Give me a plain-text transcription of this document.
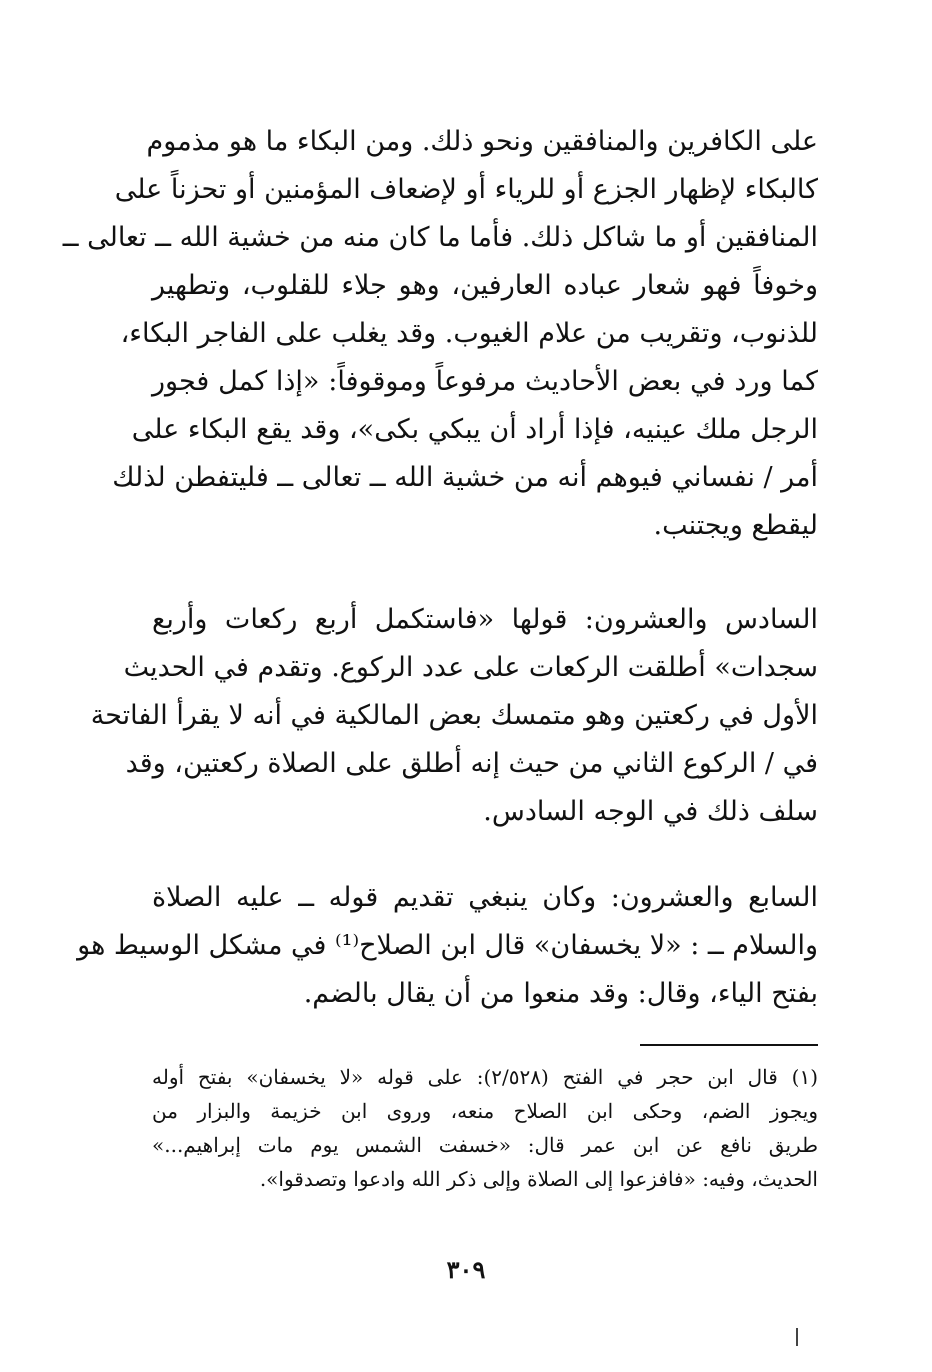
على الكافرين والمنافقين ونحو ذلك. ومن البكاء ما هو مذموم
كالبكاء لإظهار الجزع أو للرياء أو لإضعاف المؤمنين أو تحزناً على
المنافقين أو ما شاكل ذلك. فأما ما كان منه من خشية الله ــ تعالى ــ
وخوفاً فهو شعار عباده العارفين، وهو جلاء للقلوب، وتطهير
للذنوب، وتقريب من علام الغيوب. وقد يغلب على الفاجر البكاء،
كما ورد في بعض الأحاديث مرفوعاً وموقوفاً: «إذا كمل فجور
الرجل ملك عينيه، فإذا أراد أن يبكي بكى»، وقد يقع البكاء على
أمر / نفساني فيوهم أنه من خشية الله ــ تعالى ــ فليتفطن لذلك
ليقطع ويجتنب.
السادس والعشرون: قولها «فاستكمل أربع ركعات وأربع
سجدات» أطلقت الركعات على عدد الركوع. وتقدم في الحديث
الأول في ركعتين وهو متمسك بعض المالكية في أنه لا يقرأ الفاتحة
في / الركوع الثاني من حيث إنه أطلق على الصلاة ركعتين، وقد
سلف ذلك في الوجه السادس.
السابع والعشرون: وكان ينبغي تقديم قوله ــ عليه الصلاة
والسلام ــ : «لا يخسفان» قال ابن الصلاح⁽¹⁾ في مشكل الوسيط هو
بفتح الياء، وقال: وقد منعوا من أن يقال بالضم.
(١) قال ابن حجر في الفتح (٢/٥٢٨): على قوله «لا يخسفان» بفتح أوله
ويجوز الضم، وحكى ابن الصلاح منعه، وروى ابن خزيمة والبزار من
طريق نافع عن ابن عمر قال: «خسفت الشمس يوم مات إبراهيم...»
الحديث، وفيه: «فافزعوا إلى الصلاة وإلى ذكر الله وادعوا وتصدقوا».
٣٠٩
